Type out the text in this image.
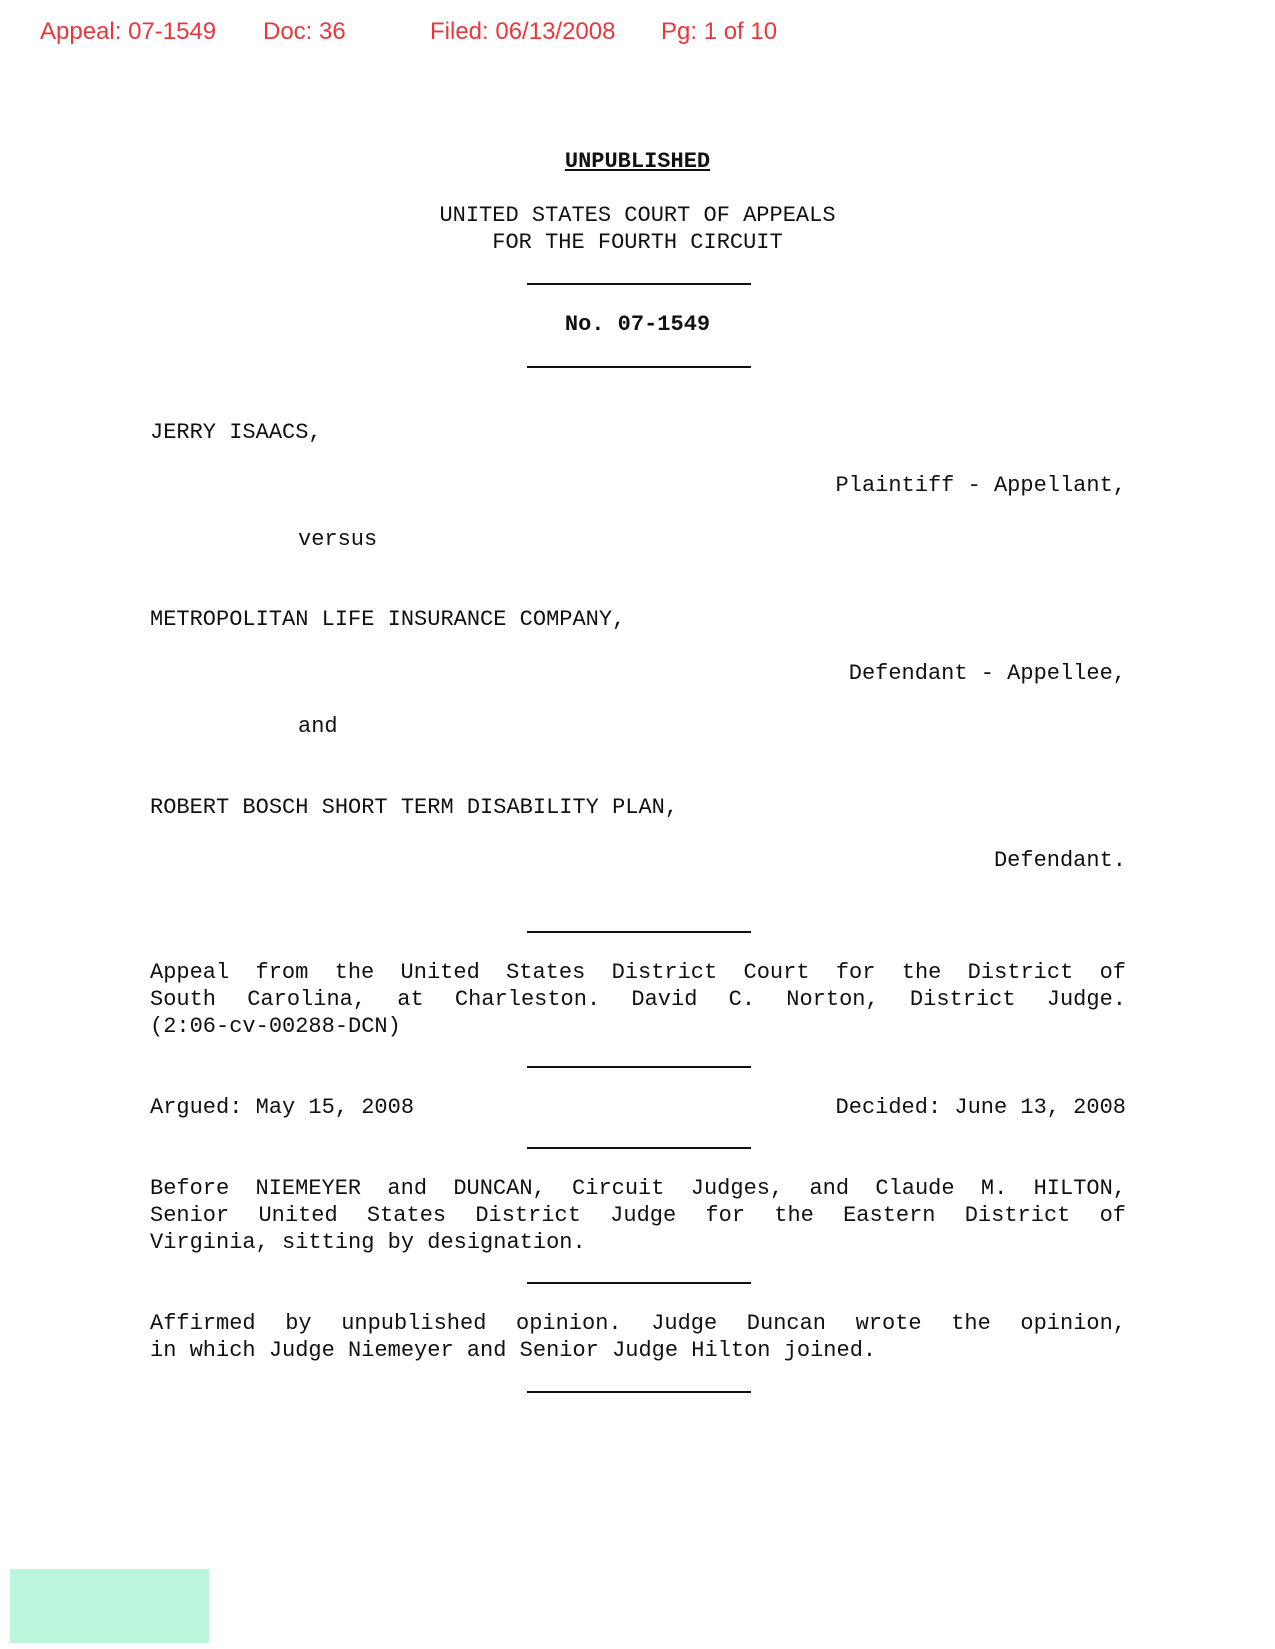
Appeal: 07-1549 Doc: 36	Filed: 06/13/2008 Pg: 1 of 10
UNPUBLISHED
UNITED STATES COURT OF APPEALS
FOR THE FOURTH CIRCUIT
No. 07-1549
JERRY ISAACS,
Plaintiff - Appellant,
versus
METROPOLITAN LIFE INSURANCE COMPANY,
Defendant - Appellee,
and
ROBERT BOSCH SHORT TERM DISABILITY PLAN,
Defendant.
Appeal from the United States District Court for the District of
South Carolina, at Charleston. David C. Norton, District Judge.
(2:06-cv-00288-DCN)
Argued: May 15, 2008	Decided: June 13, 2008
Before NIEMEYER and DUNCAN, Circuit Judges, and Claude M. HILTON,
Senior United States District Judge for the Eastern District of
Virginia, sitting by designation.
Affirmed by unpublished opinion. Judge Duncan wrote the opinion,
in which Judge Niemeyer and Senior Judge Hilton joined.
